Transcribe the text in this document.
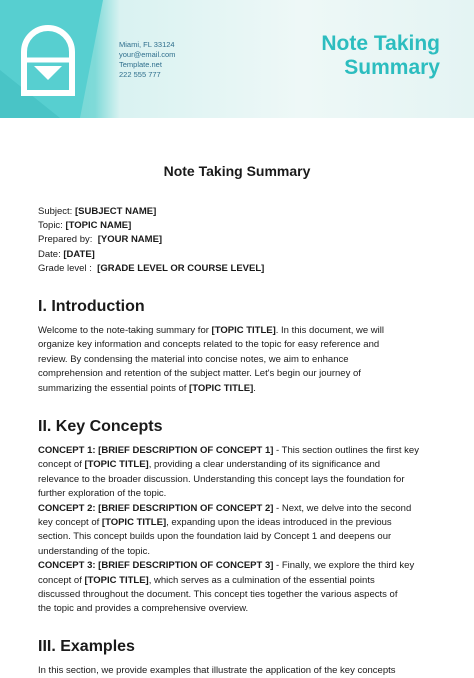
Miami, FL 33124
your@email.com
Template.net
222 555 777
Note Taking
Summary
Note Taking Summary
Subject: [SUBJECT NAME]
Topic: [TOPIC NAME]
Prepared by: [YOUR NAME]
Date: [DATE]
Grade level : [GRADE LEVEL OR COURSE LEVEL]
I. Introduction
Welcome to the note-taking summary for [TOPIC TITLE]. In this document, we will
organize key information and concepts related to the topic for easy reference and
review. By condensing the material into concise notes, we aim to enhance
comprehension and retention of the subject matter. Let's begin our journey of
summarizing the essential points of [TOPIC TITLE].
II. Key Concepts
CONCEPT 1: [BRIEF DESCRIPTION OF CONCEPT 1] - This section outlines the first key
concept of [TOPIC TITLE], providing a clear understanding of its significance and
relevance to the broader discussion. Understanding this concept lays the foundation for
further exploration of the topic.
CONCEPT 2: [BRIEF DESCRIPTION OF CONCEPT 2] - Next, we delve into the second
key concept of [TOPIC TITLE], expanding upon the ideas introduced in the previous
section. This concept builds upon the foundation laid by Concept 1 and deepens our
understanding of the topic.
CONCEPT 3: [BRIEF DESCRIPTION OF CONCEPT 3] - Finally, we explore the third key
concept of [TOPIC TITLE], which serves as a culmination of the essential points
discussed throughout the document. This concept ties together the various aspects of
the topic and provides a comprehensive overview.
III. Examples
In this section, we provide examples that illustrate the application of the key concepts
